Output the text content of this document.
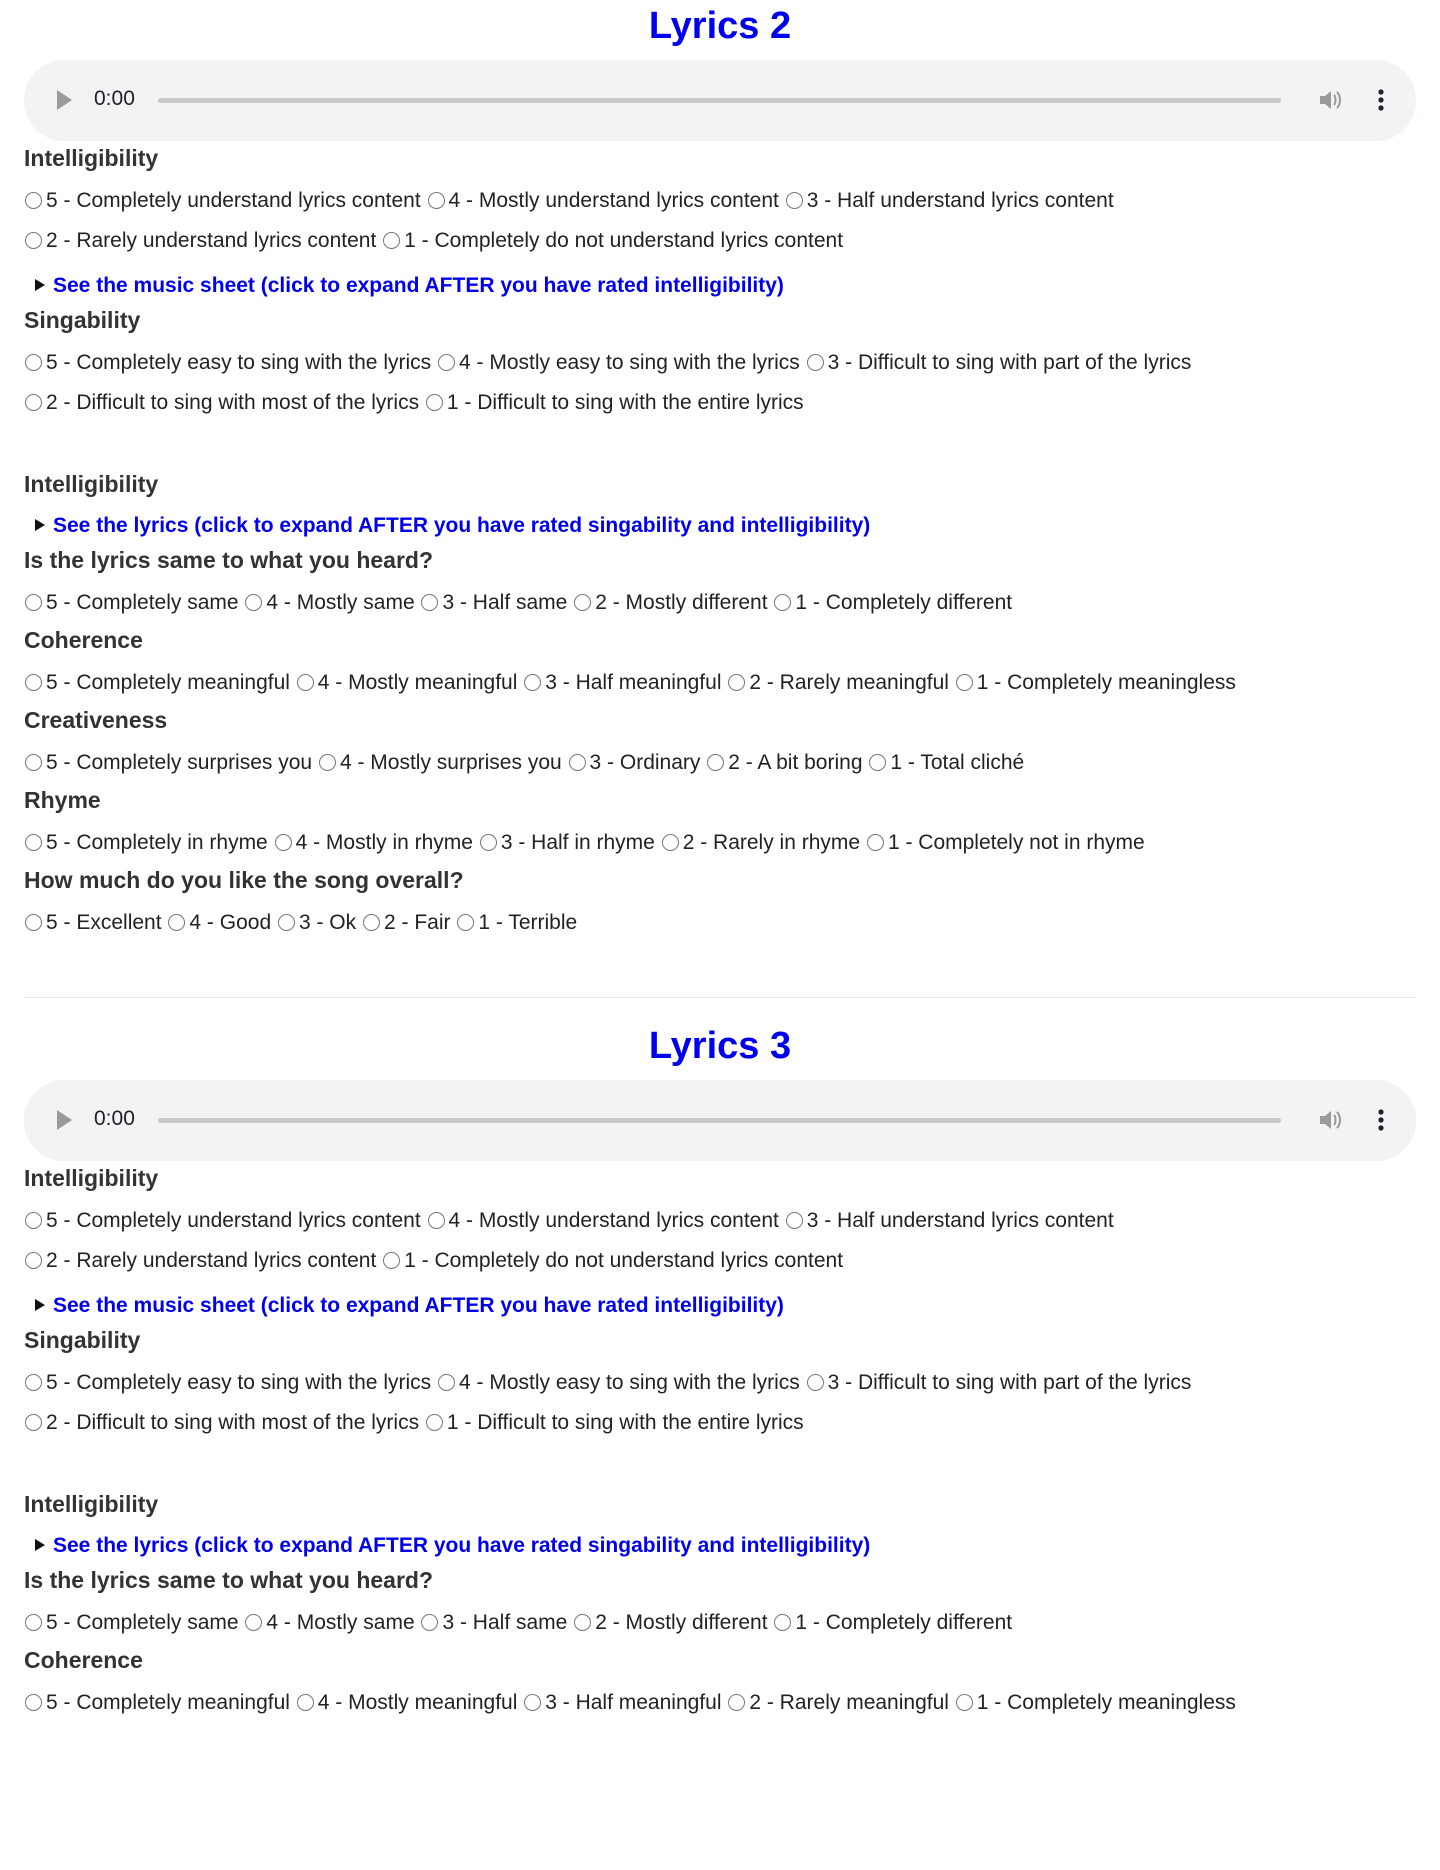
Lyrics 2
0:00
Intelligibility
5 - Completely understand lyrics content 4 - Mostly understand lyrics content 3 - Half understand lyrics content
2 - Rarely understand lyrics content 1 - Completely do not understand lyrics content
See the music sheet (click to expand AFTER you have rated intelligibility)
Singability
5 - Completely easy to sing with the lyrics 4 - Mostly easy to sing with the lyrics 3 - Difficult to sing with part of the lyrics
2 - Difficult to sing with most of the lyrics 1 - Difficult to sing with the entire lyrics
Intelligibility
See the lyrics (click to expand AFTER you have rated singability and intelligibility)
Is the lyrics same to what you heard?
5 - Completely same 4 - Mostly same 3 - Half same 2 - Mostly different 1 - Completely different
Coherence
5 - Completely meaningful 4 - Mostly meaningful 3 - Half meaningful 2 - Rarely meaningful 1 - Completely meaningless
Creativeness
5 - Completely surprises you 4 - Mostly surprises you 3 - Ordinary 2 - A bit boring 1 - Total cliché
Rhyme
5 - Completely in rhyme 4 - Mostly in rhyme 3 - Half in rhyme 2 - Rarely in rhyme 1 - Completely not in rhyme
How much do you like the song overall?
5 - Excellent 4 - Good 3 - Ok 2 - Fair 1 - Terrible
Lyrics 3
0:00
Intelligibility
5 - Completely understand lyrics content 4 - Mostly understand lyrics content 3 - Half understand lyrics content
2 - Rarely understand lyrics content 1 - Completely do not understand lyrics content
See the music sheet (click to expand AFTER you have rated intelligibility)
Singability
5 - Completely easy to sing with the lyrics 4 - Mostly easy to sing with the lyrics 3 - Difficult to sing with part of the lyrics
2 - Difficult to sing with most of the lyrics 1 - Difficult to sing with the entire lyrics
Intelligibility
See the lyrics (click to expand AFTER you have rated singability and intelligibility)
Is the lyrics same to what you heard?
5 - Completely same 4 - Mostly same 3 - Half same 2 - Mostly different 1 - Completely different
Coherence
5 - Completely meaningful 4 - Mostly meaningful 3 - Half meaningful 2 - Rarely meaningful 1 - Completely meaningless
